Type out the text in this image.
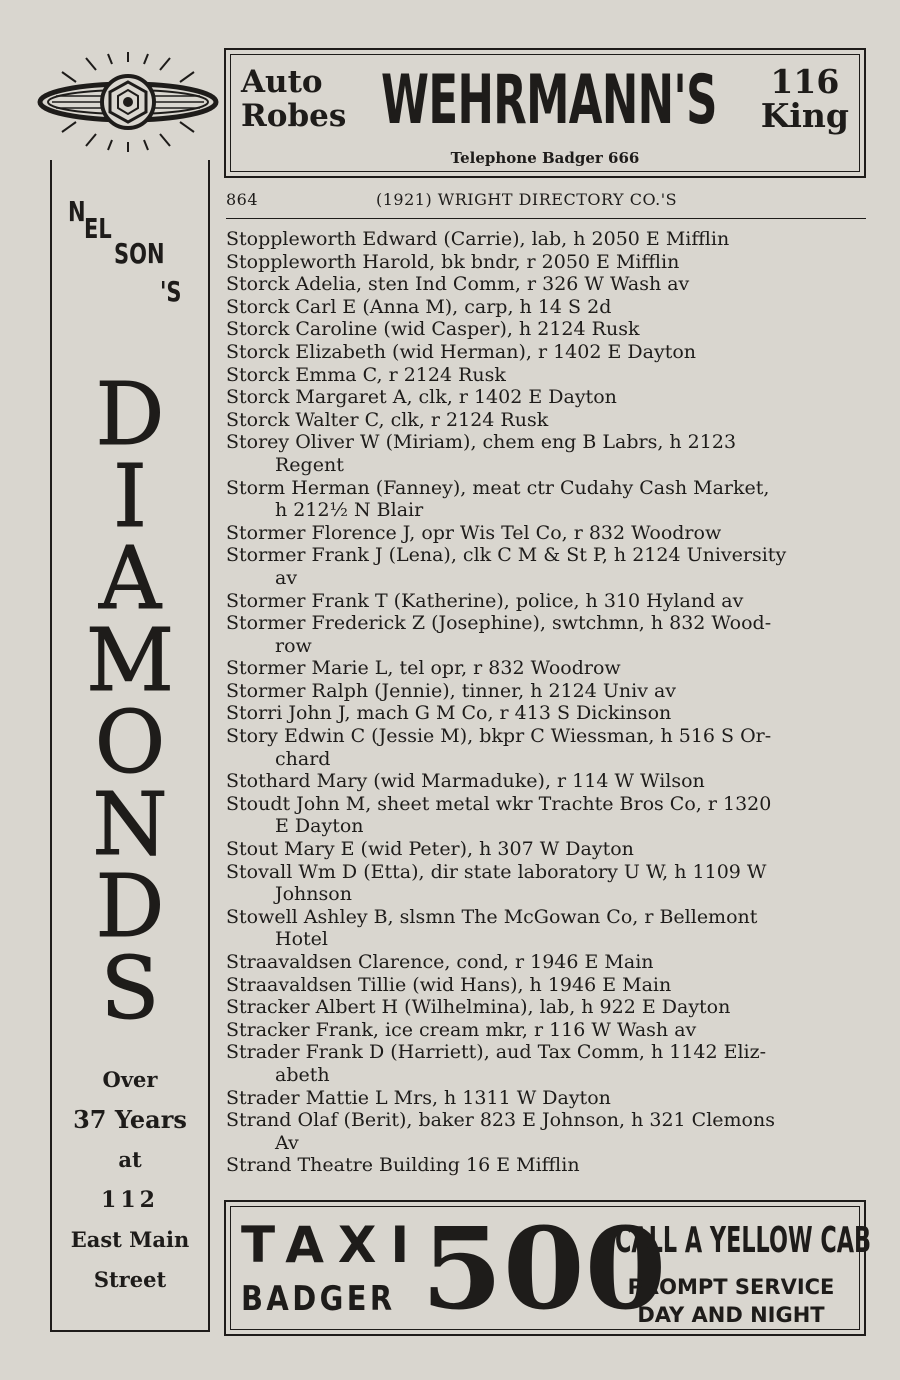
N
EL
SON
'S
D
I
A
M
O
N
D
S
Over
37 Years
at
112
East Main
Street
Auto
Robes WEHRMANN'S 116
King
Telephone Badger 666
864	(1921) WRIGHT DIRECTORY CO.'S
Stoppleworth Edward (Carrie), lab, h 2050 E Mifflin
Stoppleworth Harold, bk bndr, r 2050 E Mifflin
Storck Adelia, sten Ind Comm, r 326 W Wash av
Storck Carl E (Anna M), carp, h 14 S 2d
Storck Caroline (wid Casper), h 2124 Rusk
Storck Elizabeth (wid Herman), r 1402 E Dayton
Storck Emma C, r 2124 Rusk
Storck Margaret A, clk, r 1402 E Dayton
Storck Walter C, clk, r 2124 Rusk
Storey Oliver W (Miriam), chem eng B Labrs, h 2123
Regent
Storm Herman (Fanney), meat ctr Cudahy Cash Market,
h 212½ N Blair
Stormer Florence J, opr Wis Tel Co, r 832 Woodrow
Stormer Frank J (Lena), clk C M & St P, h 2124 University
av
Stormer Frank T (Katherine), police, h 310 Hyland av
Stormer Frederick Z (Josephine), swtchmn, h 832 Wood-
row
Stormer Marie L, tel opr, r 832 Woodrow
Stormer Ralph (Jennie), tinner, h 2124 Univ av
Storri John J, mach G M Co, r 413 S Dickinson
Story Edwin C (Jessie M), bkpr C Wiessman, h 516 S Or-
chard
Stothard Mary (wid Marmaduke), r 114 W Wilson
Stoudt John M, sheet metal wkr Trachte Bros Co, r 1320
E Dayton
Stout Mary E (wid Peter), h 307 W Dayton
Stovall Wm D (Etta), dir state laboratory U W, h 1109 W
Johnson
Stowell Ashley B, slsmn The McGowan Co, r Bellemont
Hotel
Straavaldsen Clarence, cond, r 1946 E Main
Straavaldsen Tillie (wid Hans), h 1946 E Main
Stracker Albert H (Wilhelmina), lab, h 922 E Dayton
Stracker Frank, ice cream mkr, r 116 W Wash av
Strader Frank D (Harriett), aud Tax Comm, h 1142 Eliz-
abeth
Strader Mattie L Mrs, h 1311 W Dayton
Strand Olaf (Berit), baker 823 E Johnson, h 321 Clemons
Av
Strand Theatre Building 16 E Mifflin
TAXI
BADGER 500
CALL A YELLOW CAB
PROMPT SERVICE
DAY AND NIGHT
